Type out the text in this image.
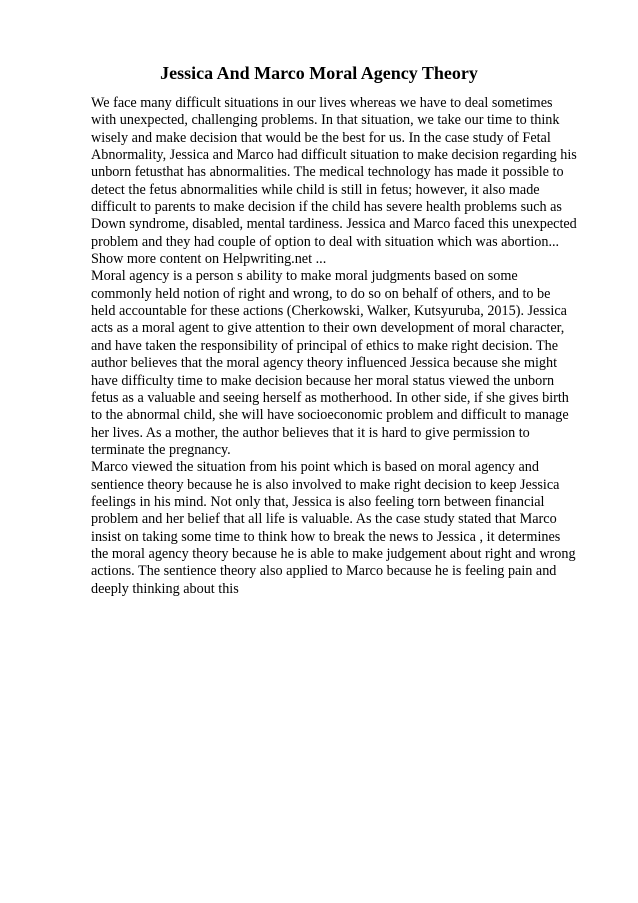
Jessica And Marco Moral Agency Theory
We face many difficult situations in our lives whereas we have to deal sometimes
with unexpected, challenging problems. In that situation, we take our time to think
wisely and make decision that would be the best for us. In the case study of Fetal
Abnormality, Jessica and Marco had difficult situation to make decision regarding his
unborn fetusthat has abnormalities. The medical technology has made it possible to
detect the fetus abnormalities while child is still in fetus; however, it also made
difficult to parents to make decision if the child has severe health problems such as
Down syndrome, disabled, mental tardiness. Jessica and Marco faced this unexpected
problem and they had couple of option to deal with situation which was abortion...
Show more content on Helpwriting.net ...
Moral agency is a person s ability to make moral judgments based on some
commonly held notion of right and wrong, to do so on behalf of others, and to be
held accountable for these actions (Cherkowski, Walker, Kutsyuruba, 2015). Jessica
acts as a moral agent to give attention to their own development of moral character,
and have taken the responsibility of principal of ethics to make right decision. The
author believes that the moral agency theory influenced Jessica because she might
have difficulty time to make decision because her moral status viewed the unborn
fetus as a valuable and seeing herself as motherhood. In other side, if she gives birth
to the abnormal child, she will have socioeconomic problem and difficult to manage
her lives. As a mother, the author believes that it is hard to give permission to
terminate the pregnancy.
Marco viewed the situation from his point which is based on moral agency and
sentience theory because he is also involved to make right decision to keep Jessica
feelings in his mind. Not only that, Jessica is also feeling torn between financial
problem and her belief that all life is valuable. As the case study stated that Marco
insist on taking some time to think how to break the news to Jessica , it determines
the moral agency theory because he is able to make judgement about right and wrong
actions. The sentience theory also applied to Marco because he is feeling pain and
deeply thinking about this
